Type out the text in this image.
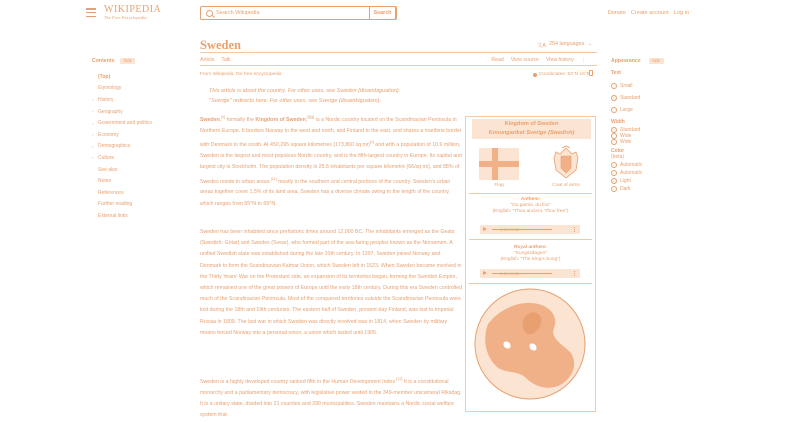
WIKIPEDIA
The Free Encyclopedia
Search Wikipedia
Search	Donate Create account Log in
Contents	hide
(Top)
Etymology
› History
› Geography
› Government and politics
› Economy
› Demographics
› Culture
See also
Notes
References
Further reading
External links
Sweden	文A 254 languages ⌄
Article Talk	Read View source View history ⋮
From Wikipedia, the free encyclopedia	Coordinates: 63°N 16°E
This article is about the country. For other uses, see Sweden (disambiguation).
"Sverige" redirects here. For other uses, see Sverige (disambiguation).

Sweden,[e] formally the Kingdom of Sweden,[f][g] is a Nordic country located on the Scandinavian Peninsula in Northern Europe. It borders Norway to the west and north, and Finland to the east, and shares a maritime border with Denmark to the south. At 450,295 square kilometres (173,860 sq mi)[4] and with a population of 10.6 million, Sweden is the largest and most populous Nordic country, and is the fifth-largest country in Europe. Its capital and largest city is Stockholm. The population density is 25.5 inhabitants per square kilometre (66/sq mi), and 88% of Swedes reside in urban areas.[11] mostly in the southern and central portions of the country. Sweden's urban areas together cover 1.5% of its land area. Sweden has a diverse climate owing to the length of the country, which ranges from 55°N to 69°N.

Sweden has been inhabited since prehistoric times around 12,000 BC. The inhabitants emerged as the Geats (Swedish: Götar) and Swedes (Svear), who formed part of the sea-faring peoples known as the Norsemen. A unified Swedish state was established during the late 10th century. In 1397, Sweden joined Norway and Denmark to form the Scandinavian Kalmar Union, which Sweden left in 1523. When Sweden became involved in the Thirty Years' War on the Protestant side, an expansion of its territories began, forming the Swedish Empire, which remained one of the great powers of Europe until the early 18th century. During this era Sweden controlled much of the Scandinavian Peninsula. Most of the conquered territories outside the Scandinavian Peninsula were lost during the 18th and 19th centuries. The eastern half of Sweden, present-day Finland, was lost to Imperial Russia in 1809. The last war in which Sweden was directly involved was in 1814, when Sweden by military means forced Norway into a personal union, a union which lasted until 1905.

Sweden is a highly developed country ranked fifth in the Human Development Index.[12] It is a constitutional monarchy and a parliamentary democracy, with legislative power vested in the 349-member unicameral Riksdag. It is a unitary state, divided into 21 counties and 290 municipalities. Sweden maintains a Nordic social welfare system that

Kingdom of Sweden
Konungariket Sverige (Swedish)
Flag	Coat of arms
Anthem:
"Du gamla, du fria"
(English: "Thou ancient, Thou free")
0:00 / 0:00
Royal anthem:
"Kungssången"
(English: "The King's Song")
0:00 / 0:00
Appearance	hide
Text
Small
Standard
Large
Width
Standard
Wide
Wide
Color
(beta)
Automatic
Automatic
Light
Dark
